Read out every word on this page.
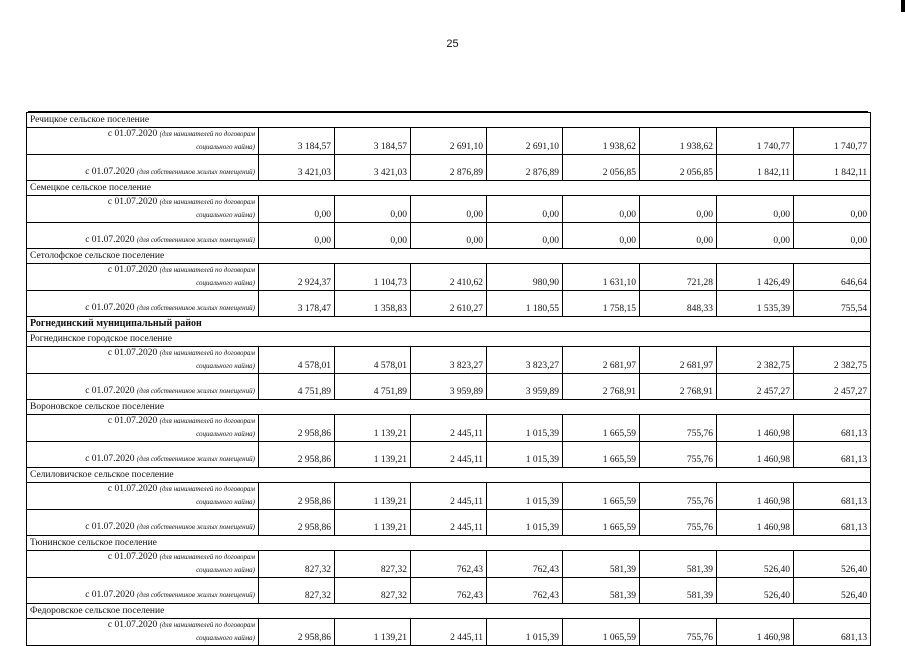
25
Речицкое сельское поселение								

с 01.07.2020 (для нанимателей по договорам
социального найма)	3 184,57	3 184,57	2 691,10	2 691,10	1 938,62	1 938,62	1 740,77	1 740,77
с 01.07.2020 (для собственников жилых помещений)	3 421,03	3 421,03	2 876,89	2 876,89	2 056,85	2 056,85	1 842,11	1 842,11
Семецкое сельское поселение								

с 01.07.2020 (для нанимателей по договорам
социального найма)	0,00	0,00	0,00	0,00	0,00	0,00	0,00	0,00
с 01.07.2020 (для собственников жилых помещений)	0,00	0,00	0,00	0,00	0,00	0,00	0,00	0,00
Сетолофское сельское поселение								

с 01.07.2020 (для нанимателей по договорам
социального найма)	2 924,37	1 104,73	2 410,62	980,90	1 631,10	721,28	1 426,49	646,64
с 01.07.2020 (для собственников жилых помещений)	3 178,47	1 358,83	2 610,27	1 180,55	1 758,15	848,33	1 535,39	755,54
Рогнединский муниципальный район								
Рогнединское городское поселение								

с 01.07.2020 (для нанимателей по договорам
социального найма)	4 578,01	4 578,01	3 823,27	3 823,27	2 681,97	2 681,97	2 382,75	2 382,75
с 01.07.2020 (для собственников жилых помещений)	4 751,89	4 751,89	3 959,89	3 959,89	2 768,91	2 768,91	2 457,27	2 457,27
Вороновское сельское поселение								

с 01.07.2020 (для нанимателей по договорам
социального найма)	2 958,86	1 139,21	2 445,11	1 015,39	1 665,59	755,76	1 460,98	681,13
с 01.07.2020 (для собственников жилых помещений)	2 958,86	1 139,21	2 445,11	1 015,39	1 665,59	755,76	1 460,98	681,13
Селиловичское сельское поселение								

с 01.07.2020 (для нанимателей по договорам
социального найма)	2 958,86	1 139,21	2 445,11	1 015,39	1 665,59	755,76	1 460,98	681,13
с 01.07.2020 (для собственников жилых помещений)	2 958,86	1 139,21	2 445,11	1 015,39	1 665,59	755,76	1 460,98	681,13
Тюнинское сельское поселение								

с 01.07.2020 (для нанимателей по договорам
социального найма)	827,32	827,32	762,43	762,43	581,39	581,39	526,40	526,40
с 01.07.2020 (для собственников жилых помещений)	827,32	827,32	762,43	762,43	581,39	581,39	526,40	526,40
Федоровское сельское поселение								

с 01.07.2020 (для нанимателей по договорам
социального найма)	2 958,86	1 139,21	2 445,11	1 015,39	1 065,59	755,76	1 460,98	681,13
